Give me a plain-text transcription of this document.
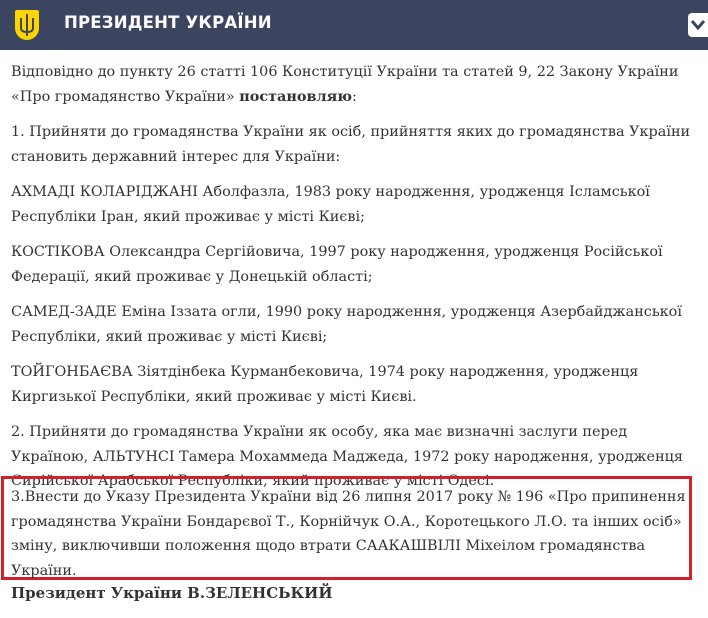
ПРЕЗИДЕНТ УКРАЇНИ

Відповідно до пункту 26 статті 106 Конституції України та статей 9, 22 Закону України «Про громадянство України» постановляю:

1. Прийняти до громадянства України як осіб, прийняття яких до громадянства України становить державний інтерес для України:

АХМАДІ КОЛАРІДЖАНІ Аболфазла, 1983 року народження, уродженця Ісламської Республіки Іран, який проживає у місті Києві;

КОСТІКОВА Олександра Сергійовича, 1997 року народження, уродженця Російської Федерації, який проживає у Донецькій області;

САМЕД-ЗАДЕ Еміна Іззата огли, 1990 року народження, уродженця Азербайджанської Республіки, який проживає у місті Києві;

ТОЙГОНБАЄВА Зіятдінбека Курманбековича, 1974 року народження, уродженця Киргизької Республіки, який проживає у місті Києві.

2. Прийняти до громадянства України як особу, яка має визначні заслуги перед Україною, АЛЬТУНСІ Тамера Мохаммеда Маджеда, 1972 року народження, уродженця Сирійської Арабської Республіки, який проживає у місті Одесі.

3.Внести до Указу Президента України від 26 липня 2017 року № 196 «Про припинення громадянства України Бондарєвої Т., Корнійчук О.А., Коротецького Л.О. та інших осіб» зміну, виключивши положення щодо втрати СААКАШВІЛІ Міхеілом громадянства України.

Президент України В.ЗЕЛЕНСЬКИЙ
